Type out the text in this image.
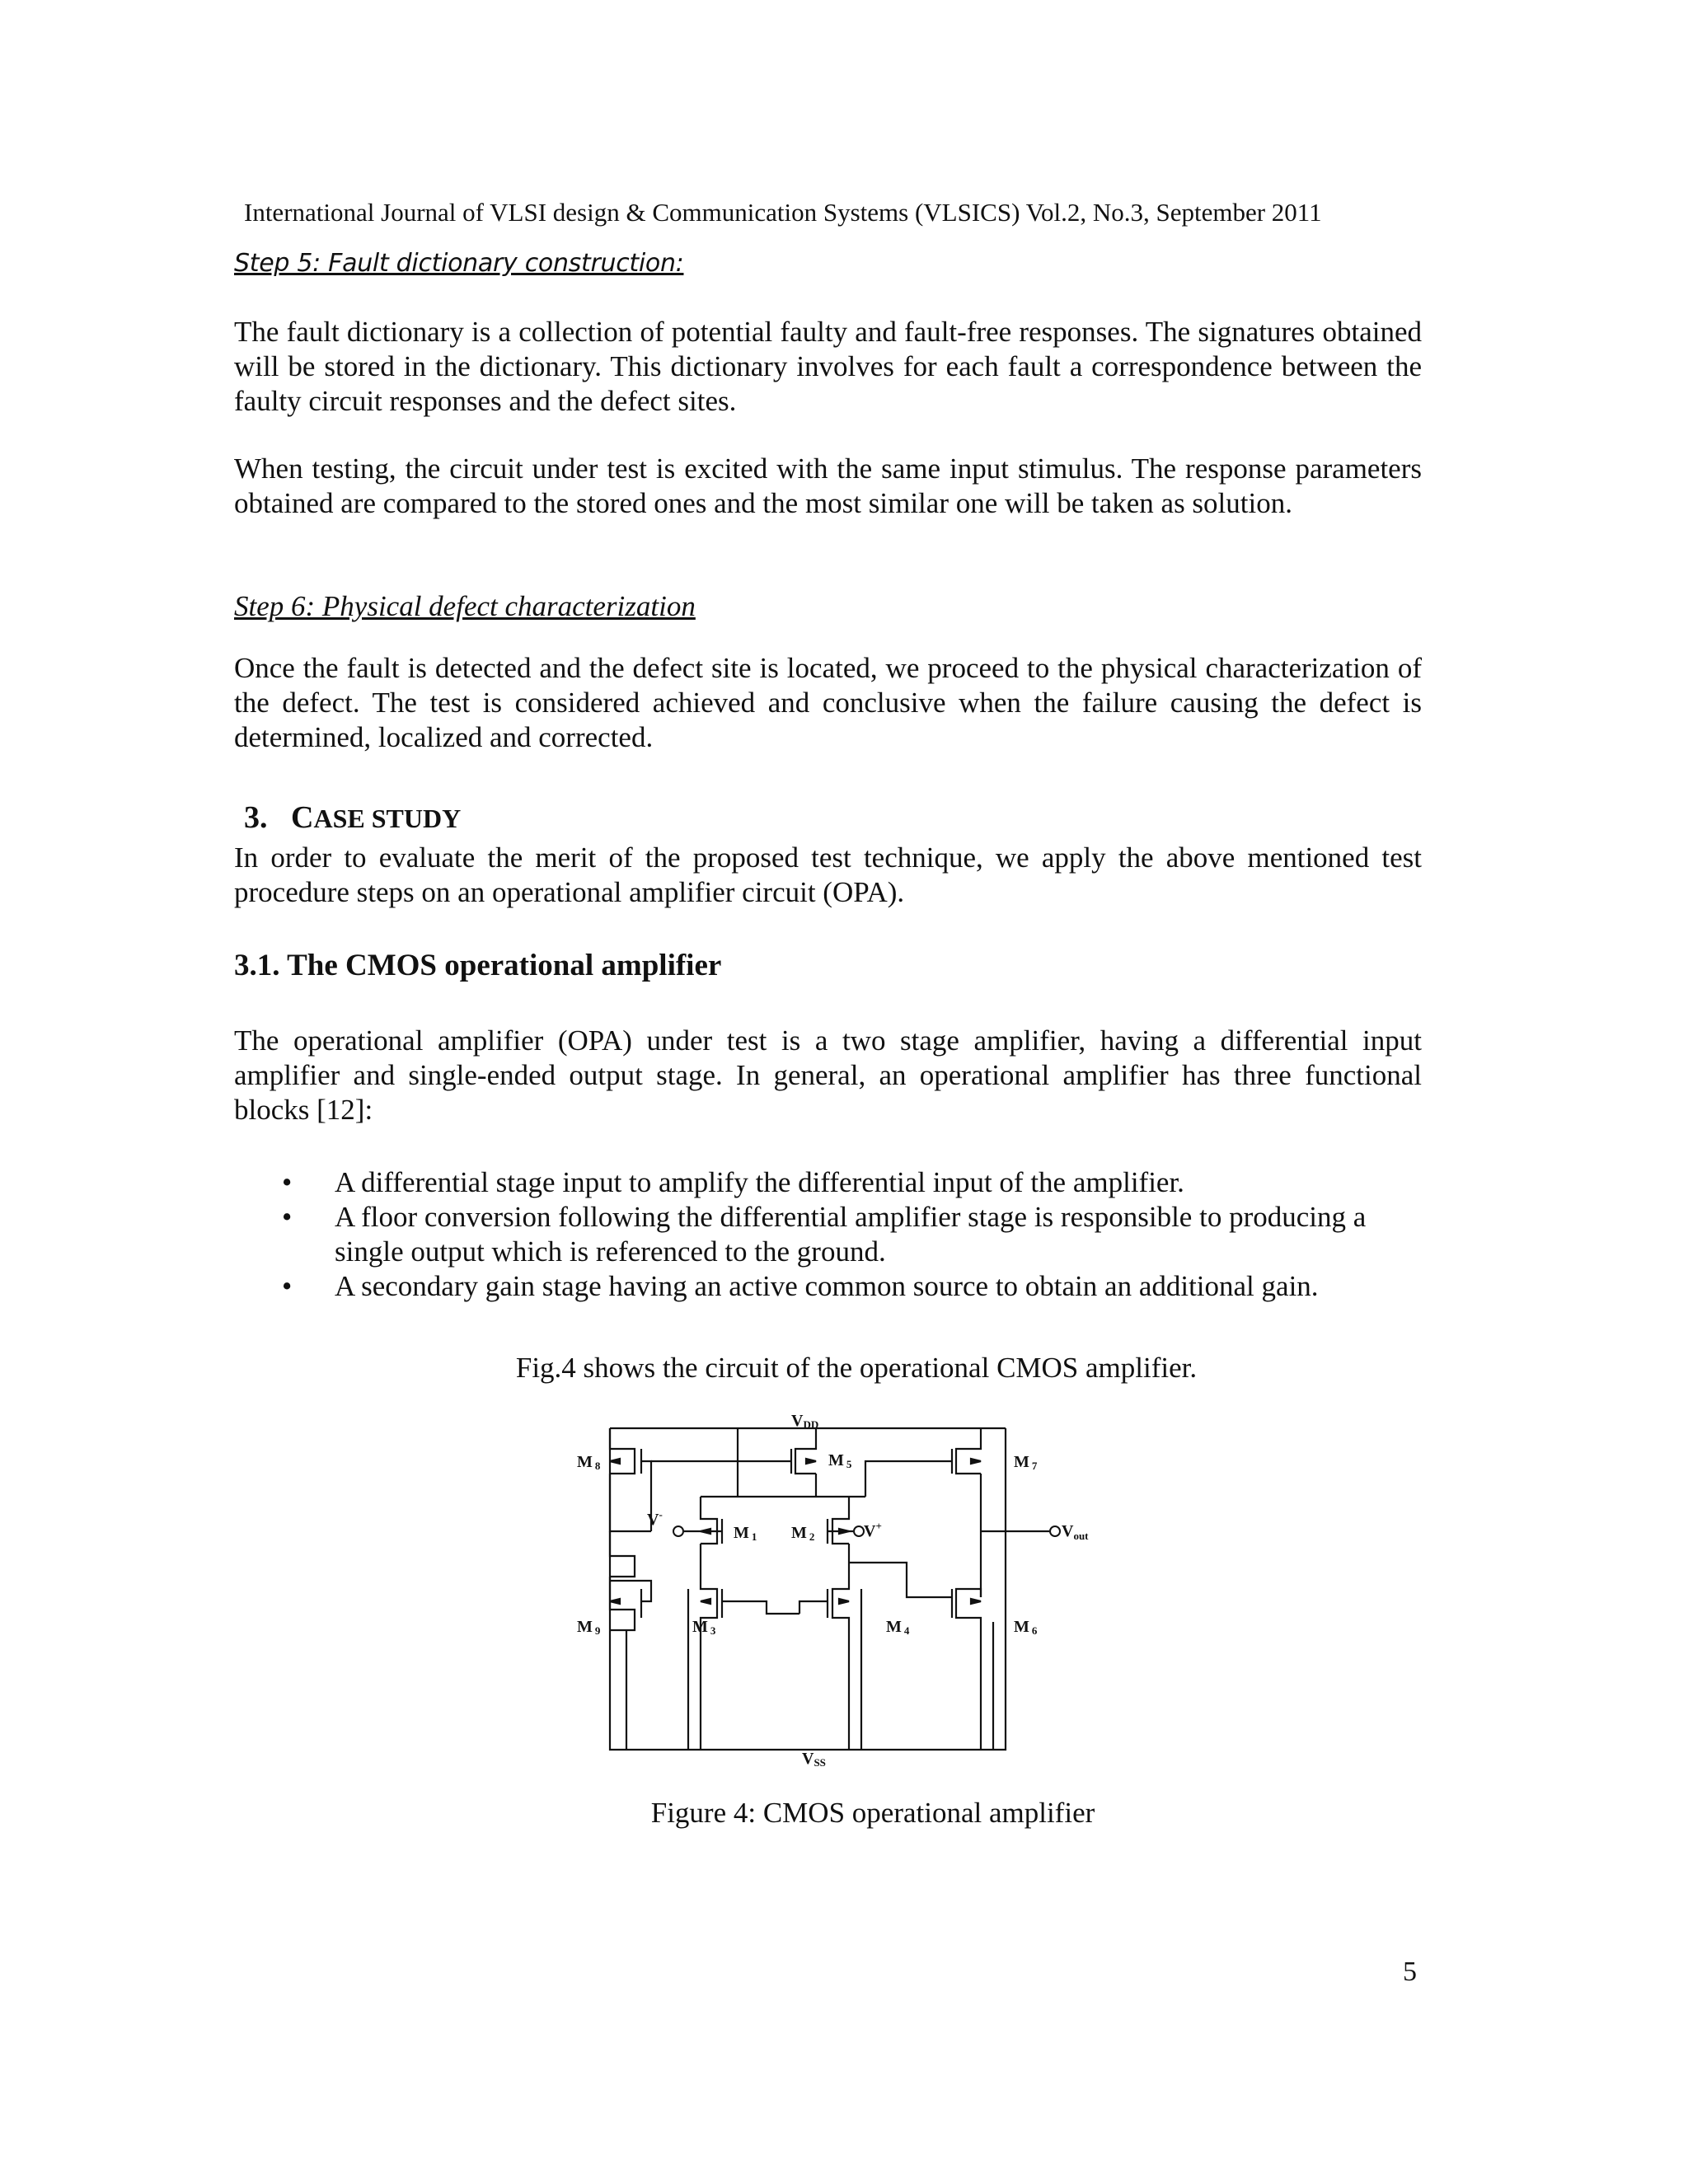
International Journal of VLSI design & Communication Systems (VLSICS) Vol.2, No.3, September 2011

Step 5: Fault dictionary construction:

The fault dictionary is a collection of potential faulty and fault-free responses. The signatures obtained will be stored in the dictionary. This dictionary involves for each fault a correspondence between the faulty circuit responses and the defect sites.

When testing, the circuit under test is excited with the same input stimulus. The response parameters obtained are compared to the stored ones and the most similar one will be taken as solution.

Step 6: Physical defect characterization

Once the fault is detected and the defect site is located, we proceed to the physical characterization of the defect. The test is considered achieved and conclusive when the failure causing the defect is determined, localized and corrected.

3. CASE STUDY

In order to evaluate the merit of the proposed test technique, we apply the above mentioned test procedure steps on an operational amplifier circuit (OPA).

3.1. The CMOS operational amplifier

The operational amplifier (OPA) under test is a two stage amplifier, having a differential input amplifier and single-ended output stage. In general, an operational amplifier has three functional blocks [12]:

• A differential stage input to amplify the differential input of the amplifier.
• A floor conversion following the differential amplifier stage is responsible to producing a single output which is referenced to the ground.
• A secondary gain stage having an active common source to obtain an additional gain.

Fig.4 shows the circuit of the operational CMOS amplifier.

VDD
VSS
V-
V+	$V_{out}$
M 8	M 5	M 7
M 1 M 2
M 9	M 3	M 4	M 6

Figure 4: CMOS operational amplifier

5
